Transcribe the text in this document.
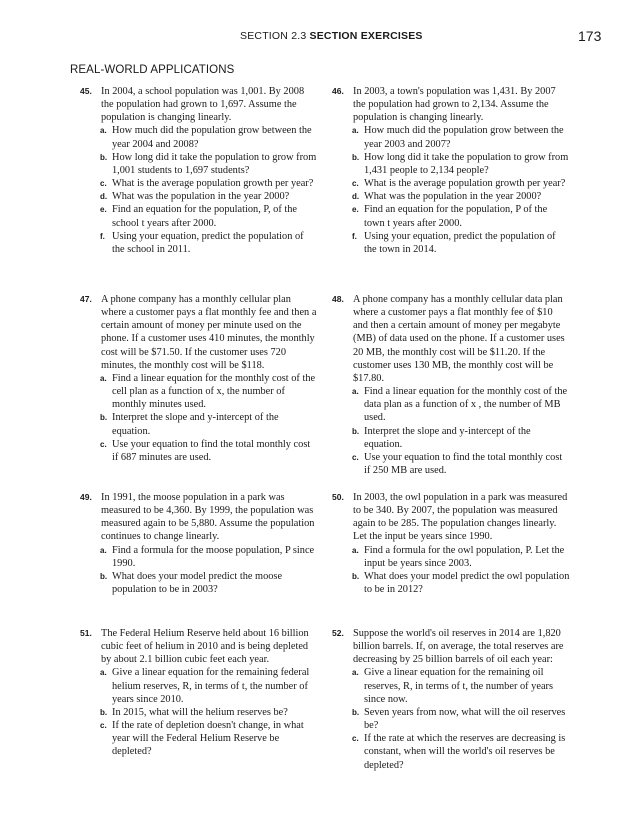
SECTION 2.3 SECTION EXERCISES	173
REAL-WORLD APPLICATIONS
45. In 2004, a school population was 1,001. By 2008 the population had grown to 1,697. Assume the population is changing linearly.
a. How much did the population grow between the year 2004 and 2008?
b. How long did it take the population to grow from 1,001 students to 1,697 students?
c. What is the average population growth per year?
d. What was the population in the year 2000?
e. Find an equation for the population, P, of the school t years after 2000.
f. Using your equation, predict the population of the school in 2011.
46. In 2003, a town's population was 1,431. By 2007 the population had grown to 2,134. Assume the population is changing linearly.
a. How much did the population grow between the year 2003 and 2007?
b. How long did it take the population to grow from 1,431 people to 2,134 people?
c. What is the average population growth per year?
d. What was the population in the year 2000?
e. Find an equation for the population, P of the town t years after 2000.
f. Using your equation, predict the population of the town in 2014.
47. A phone company has a monthly cellular plan where a customer pays a flat monthly fee and then a certain amount of money per minute used on the phone. If a customer uses 410 minutes, the monthly cost will be $71.50. If the customer uses 720 minutes, the monthly cost will be $118.
a. Find a linear equation for the monthly cost of the cell plan as a function of x, the number of monthly minutes used.
b. Interpret the slope and y-intercept of the equation.
c. Use your equation to find the total monthly cost if 687 minutes are used.
48. A phone company has a monthly cellular data plan where a customer pays a flat monthly fee of $10 and then a certain amount of money per megabyte (MB) of data used on the phone. If a customer uses 20 MB, the monthly cost will be $11.20. If the customer uses 130 MB, the monthly cost will be $17.80.
a. Find a linear equation for the monthly cost of the data plan as a function of x , the number of MB used.
b. Interpret the slope and y-intercept of the equation.
c. Use your equation to find the total monthly cost if 250 MB are used.
49. In 1991, the moose population in a park was measured to be 4,360. By 1999, the population was measured again to be 5,880. Assume the population continues to change linearly.
a. Find a formula for the moose population, P since 1990.
b. What does your model predict the moose population to be in 2003?
50. In 2003, the owl population in a park was measured to be 340. By 2007, the population was measured again to be 285. The population changes linearly. Let the input be years since 1990.
a. Find a formula for the owl population, P. Let the input be years since 2003.
b. What does your model predict the owl population to be in 2012?
51. The Federal Helium Reserve held about 16 billion cubic feet of helium in 2010 and is being depleted by about 2.1 billion cubic feet each year.
a. Give a linear equation for the remaining federal helium reserves, R, in terms of t, the number of years since 2010.
b. In 2015, what will the helium reserves be?
c. If the rate of depletion doesn't change, in what year will the Federal Helium Reserve be depleted?
52. Suppose the world's oil reserves in 2014 are 1,820 billion barrels. If, on average, the total reserves are decreasing by 25 billion barrels of oil each year:
a. Give a linear equation for the remaining oil reserves, R, in terms of t, the number of years since now.
b. Seven years from now, what will the oil reserves be?
c. If the rate at which the reserves are decreasing is constant, when will the world's oil reserves be depleted?
